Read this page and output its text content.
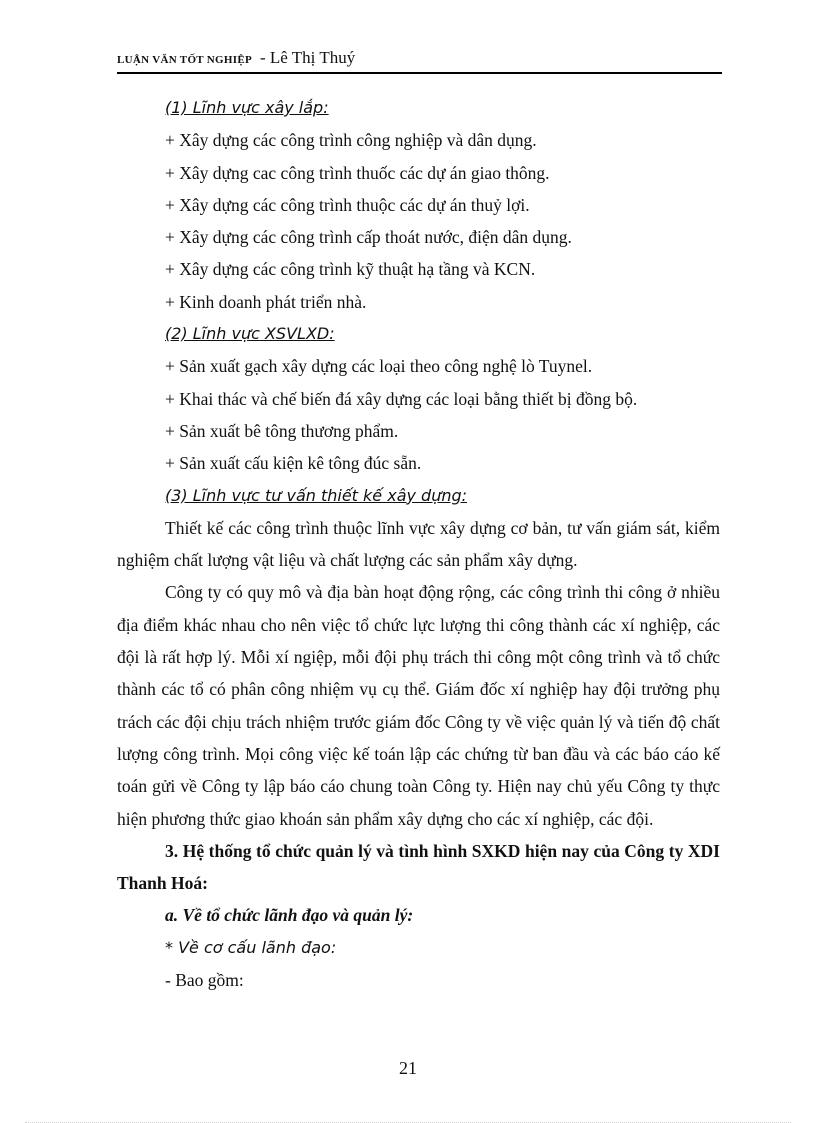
LUẬN VĂN TỐT NGHIỆP - Lê Thị Thuý

(1) Lĩnh vực xây lắp:

+ Xây dựng các công trình công nghiệp và dân dụng.

+ Xây dựng cac công trình thuốc các dự án giao thông.

+ Xây dựng các công trình thuộc các dự án thuỷ lợi.

+ Xây dựng các công trình cấp thoát nước, điện dân dụng.

+ Xây dựng các công trình kỹ thuật hạ tầng và KCN.

+ Kinh doanh phát triển nhà.

(2) Lĩnh vực XSVLXD:

+ Sản xuất gạch xây dựng các loại theo công nghệ lò Tuynel.

+ Khai thác và chế biến đá xây dựng các loại bằng thiết bị đồng bộ.

+ Sản xuất bê tông thương phẩm.

+ Sản xuất cấu kiện kê tông đúc sẵn.

(3) Lĩnh vực tư vấn thiết kế xây dựng:

Thiết kế các công trình thuộc lĩnh vực xây dựng cơ bản, tư vấn giám sát, kiểm nghiệm chất lượng vật liệu và chất lượng các sản phẩm xây dựng.

Công ty có quy mô và địa bàn hoạt động rộng, các công trình thi công ở nhiều địa điểm khác nhau cho nên việc tổ chức lực lượng thi công thành các xí nghiệp, các đội là rất hợp lý. Mỗi xí ngiệp, mỗi đội phụ trách thi công một công trình và tổ chức thành các tổ có phân công nhiệm vụ cụ thể. Giám đốc xí nghiệp hay đội trưởng phụ trách các đội chịu trách nhiệm trước giám đốc Công ty về việc quản lý và tiến độ chất lượng công trình. Mọi công việc kế toán lập các chứng từ ban đầu và các báo cáo kế toán gửi về Công ty lập báo cáo chung toàn Công ty. Hiện nay chủ yếu Công ty thực hiện phương thức giao khoán sản phẩm xây dựng cho các xí nghiệp, các đội.

3. Hệ thống tổ chức quản lý và tình hình SXKD hiện nay của Công ty XDI Thanh Hoá:

a. Về tổ chức lãnh đạo và quản lý:

* Về cơ cấu lãnh đạo:

- Bao gồm:

21
